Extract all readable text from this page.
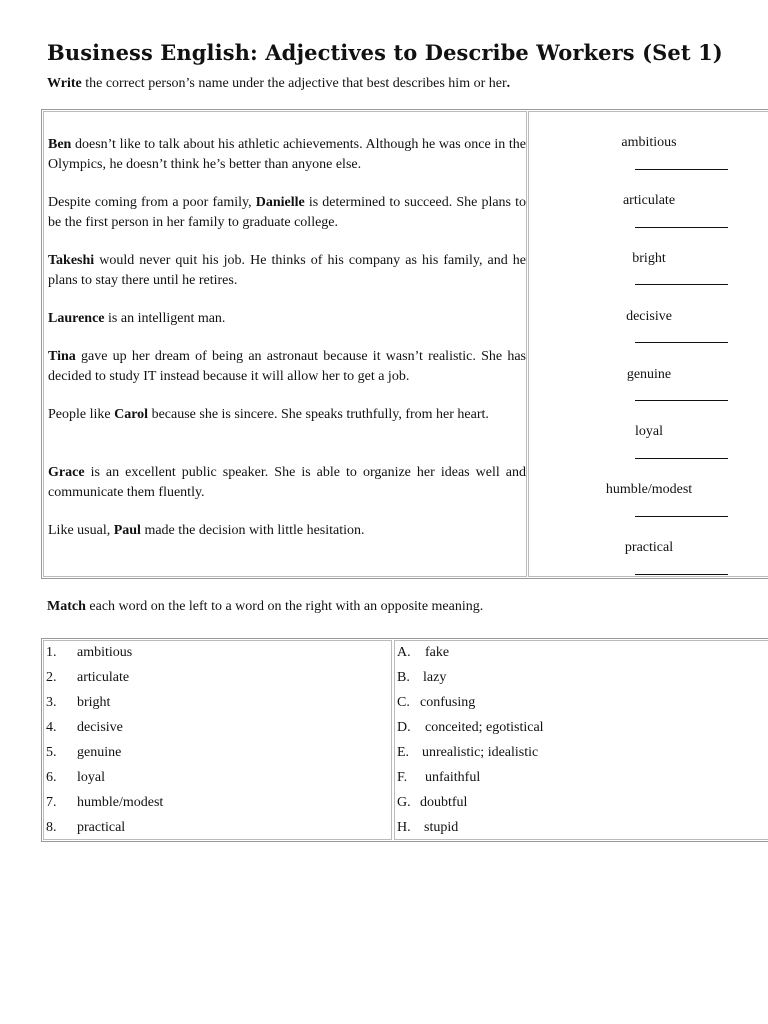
Business English: Adjectives to Describe Workers (Set 1)
Write the correct person’s name under the adjective that best describes him or her.
Ben doesn’t like to talk about his athletic achievements. Although he was once in the Olympics, he doesn’t think he’s better than anyone else.
Despite coming from a poor family, Danielle is determined to succeed. She plans to be the first person in her family to graduate college.
Takeshi would never quit his job. He thinks of his company as his family, and he plans to stay there until he retires.
Laurence is an intelligent man.
Tina gave up her dream of being an astronaut because it wasn’t realistic. She has decided to study IT instead because it will allow her to get a job.
People like Carol because she is sincere. She speaks truthfully, from her heart.
Grace is an excellent public speaker. She is able to organize her ideas well and communicate them fluently.
Like usual, Paul made the decision with little hesitation.
ambitious
articulate
bright
decisive
genuine
loyal
humble/modest
practical
Match each word on the left to a word on the right with an opposite meaning.
1. ambitious
2. articulate
3. bright
4. decisive
5. genuine
6. loyal
7. humble/modest
8. practical
A. fake
B. lazy
C. confusing
D. conceited; egotistical
E. unrealistic; idealistic
F. unfaithful
G. doubtful
H. stupid
